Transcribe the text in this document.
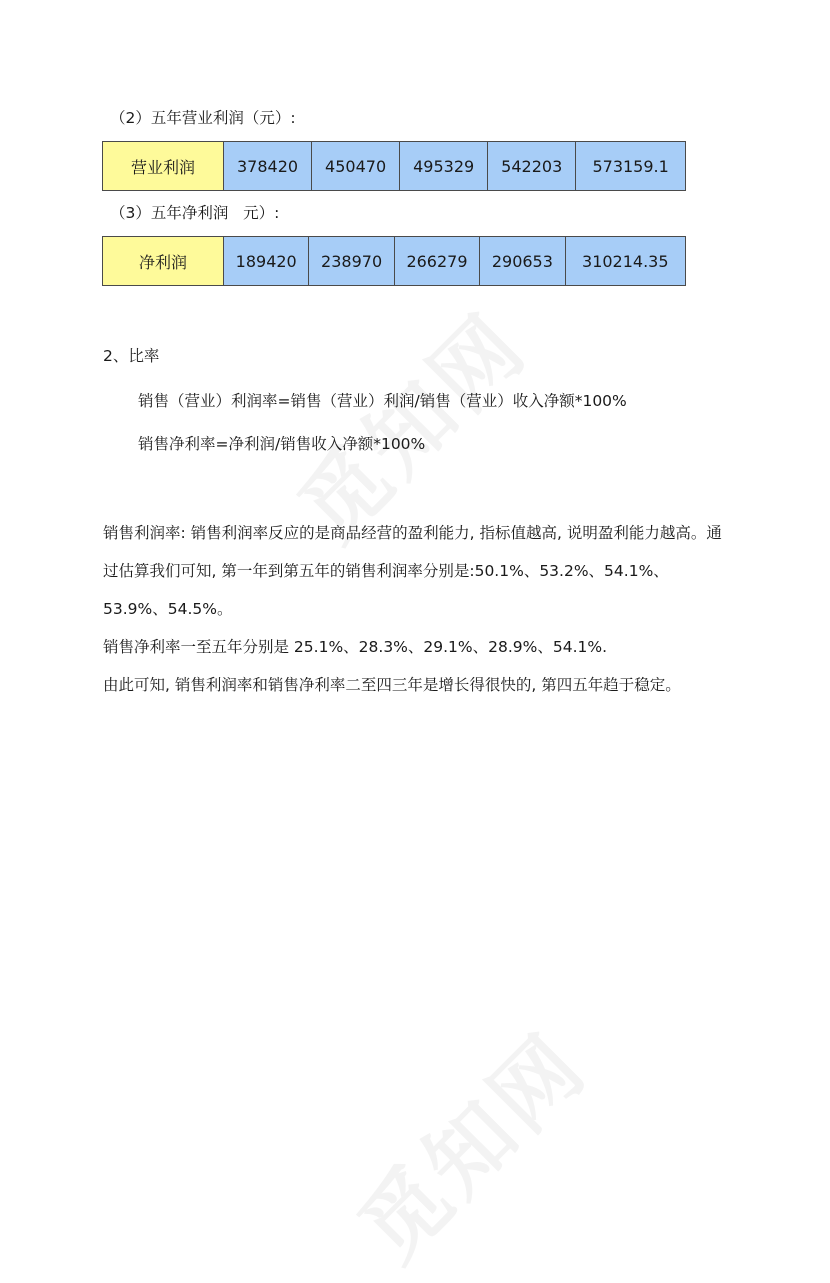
（2）五年营业利润（元）:
营业利润	378420	450470	495329	542203	573159.1
（3）五年净利润   元）:
净利润	189420	238970	266279	290653	310214.35
2、比率
销售（营业）利润率=销售（营业）利润/销售（营业）收入净额*100%
销售净利率=净利润/销售收入净额*100%

销售利润率: 销售利润率反应的是商品经营的盈利能力, 指标值越高, 说明盈利能力越高。通过估算我们可知, 第一年到第五年的销售利润率分别是:50.1%、53.2%、54.1%、53.9%、54.5%。

销售净利率一至五年分别是 25.1%、28.3%、29.1%、28.9%、54.1%.

由此可知, 销售利润率和销售净利率二至四三年是增长得很快的, 第四五年趋于稳定。
